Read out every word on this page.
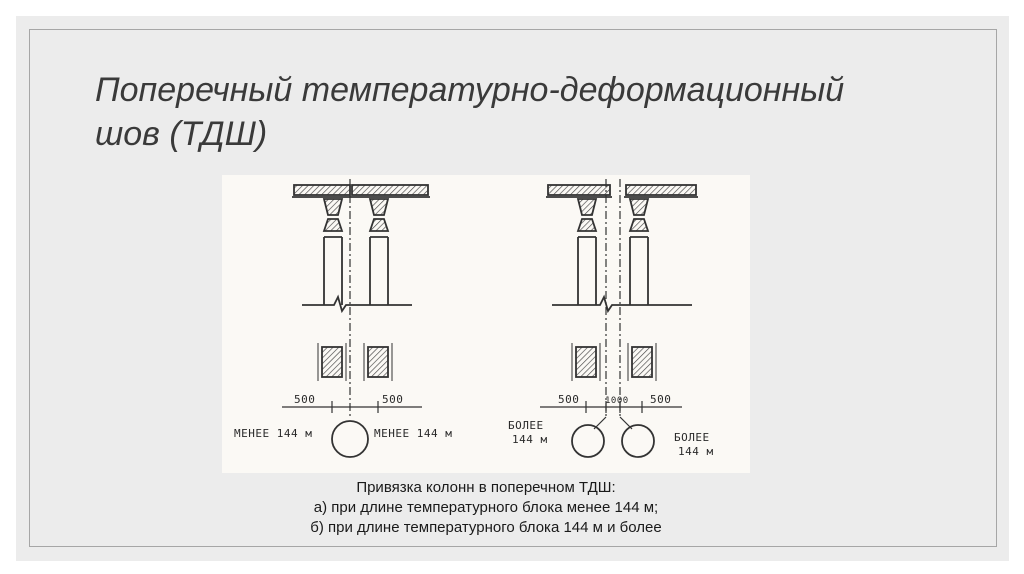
Поперечный температурно-деформационный
шов (ТДШ)
500	500
МЕНЕЕ 144 м	МЕНЕЕ 144 м
500	1000 500
БОЛЕЕ
144 м	БОЛЕЕ
144 м
Привязка колонн в поперечном ТДШ:
а) при длине температурного блока менее 144 м;
б) при длине температурного блока 144 м и более
